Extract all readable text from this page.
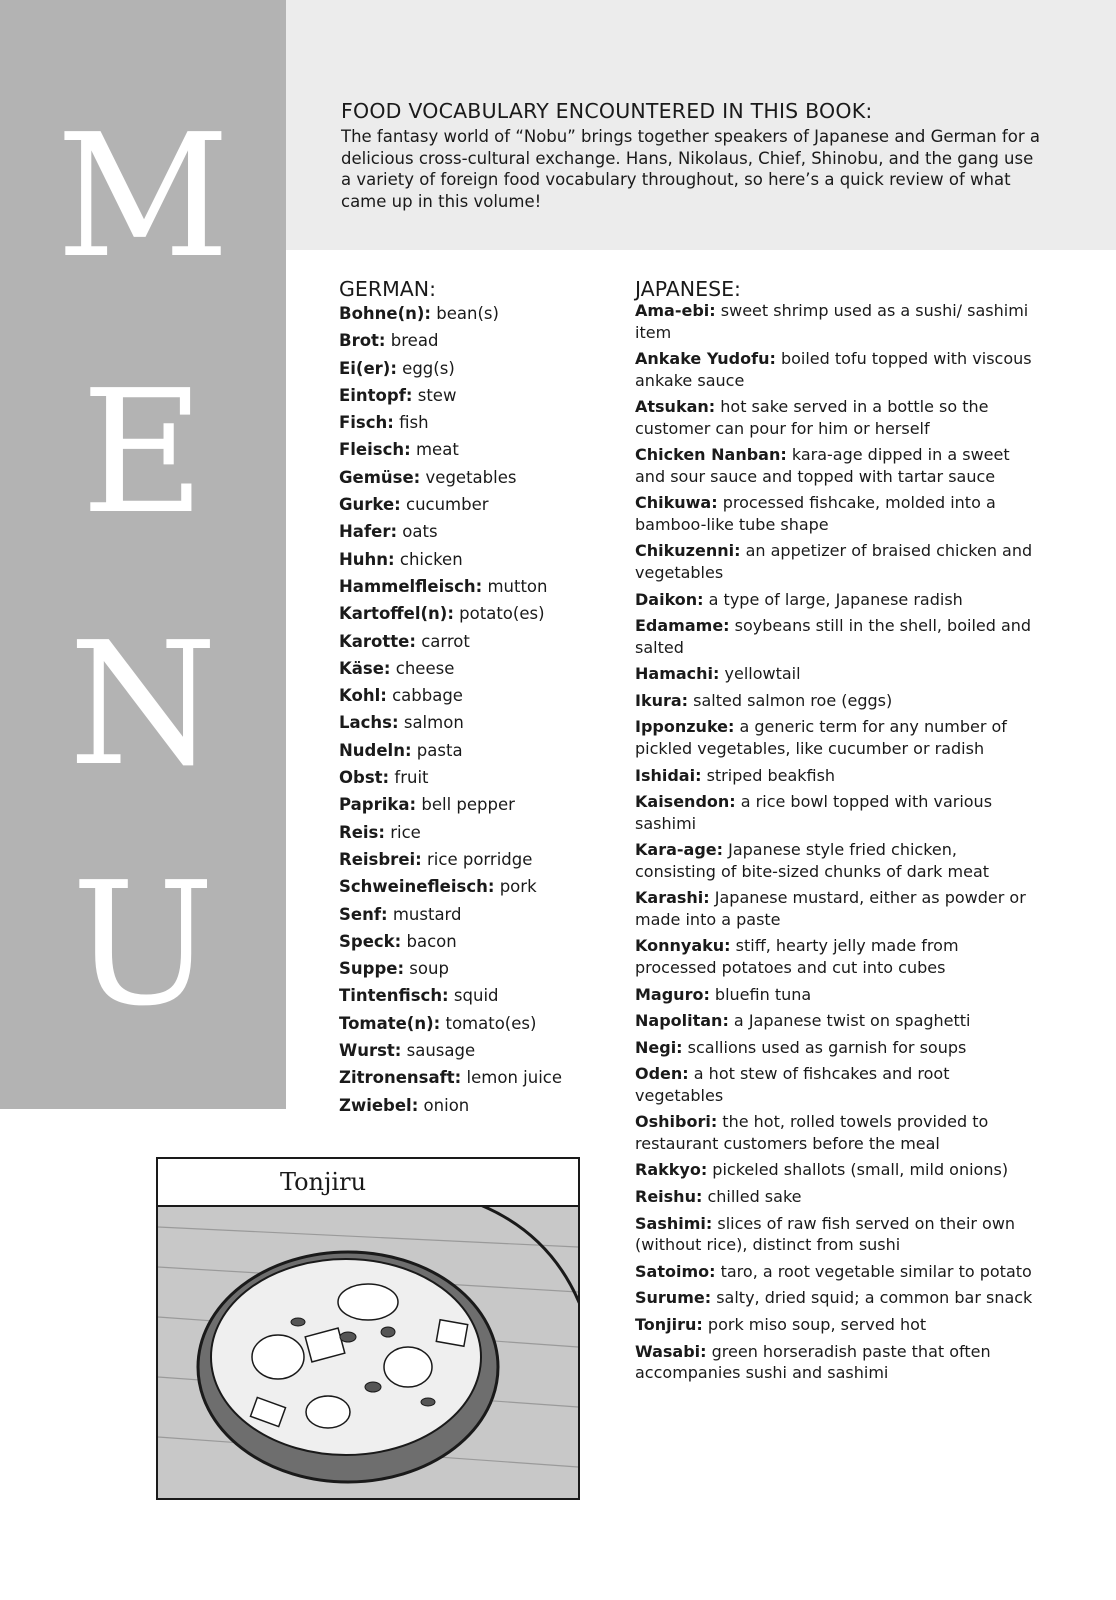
M
E
N
U
FOOD VOCABULARY ENCOUNTERED IN THIS BOOK:
The fantasy world of “Nobu” brings together speakers of Japanese and German for a delicious cross-cultural exchange. Hans, Nikolaus, Chief, Shinobu, and the gang use a variety of foreign food vocabulary throughout, so here’s a quick review of what came up in this volume!
GERMAN:
Bohne(n): bean(s)
Brot: bread
Ei(er): egg(s)
Eintopf: stew
Fisch: fish
Fleisch: meat
Gemüse: vegetables
Gurke: cucumber
Hafer: oats
Huhn: chicken
Hammelfleisch: mutton
Kartoffel(n): potato(es)
Karotte: carrot
Käse: cheese
Kohl: cabbage
Lachs: salmon
Nudeln: pasta
Obst: fruit
Paprika: bell pepper
Reis: rice
Reisbrei: rice porridge
Schweinefleisch: pork
Senf: mustard
Speck: bacon
Suppe: soup
Tintenfisch: squid
Tomate(n): tomato(es)
Wurst: sausage
Zitronensaft: lemon juice
Zwiebel: onion
JAPANESE:
Ama-ebi: sweet shrimp used as a sushi/ sashimi item
Ankake Yudofu: boiled tofu topped with viscous ankake sauce
Atsukan: hot sake served in a bottle so the customer can pour for him or herself
Chicken Nanban: kara-age dipped in a sweet and sour sauce and topped with tartar sauce
Chikuwa: processed fishcake, molded into a bamboo-like tube shape
Chikuzenni: an appetizer of braised chicken and vegetables
Daikon: a type of large, Japanese radish
Edamame: soybeans still in the shell, boiled and salted
Hamachi: yellowtail
Ikura: salted salmon roe (eggs)
Ipponzuke: a generic term for any number of pickled vegetables, like cucumber or radish
Ishidai: striped beakfish
Kaisendon: a rice bowl topped with various sashimi
Kara-age: Japanese style fried chicken, consisting of bite-sized chunks of dark meat
Karashi: Japanese mustard, either as powder or made into a paste
Konnyaku: stiff, hearty jelly made from processed potatoes and cut into cubes
Maguro: bluefin tuna
Napolitan: a Japanese twist on spaghetti
Negi: scallions used as garnish for soups
Oden: a hot stew of fishcakes and root vegetables
Oshibori: the hot, rolled towels provided to restaurant customers before the meal
Rakkyo: pickeled shallots (small, mild onions)
Reishu: chilled sake
Sashimi: slices of raw fish served on their own (without rice), distinct from sushi
Satoimo: taro, a root vegetable similar to potato
Surume: salty, dried squid; a common bar snack
Tonjiru: pork miso soup, served hot
Wasabi: green horseradish paste that often accompanies sushi and sashimi
Tonjiru
